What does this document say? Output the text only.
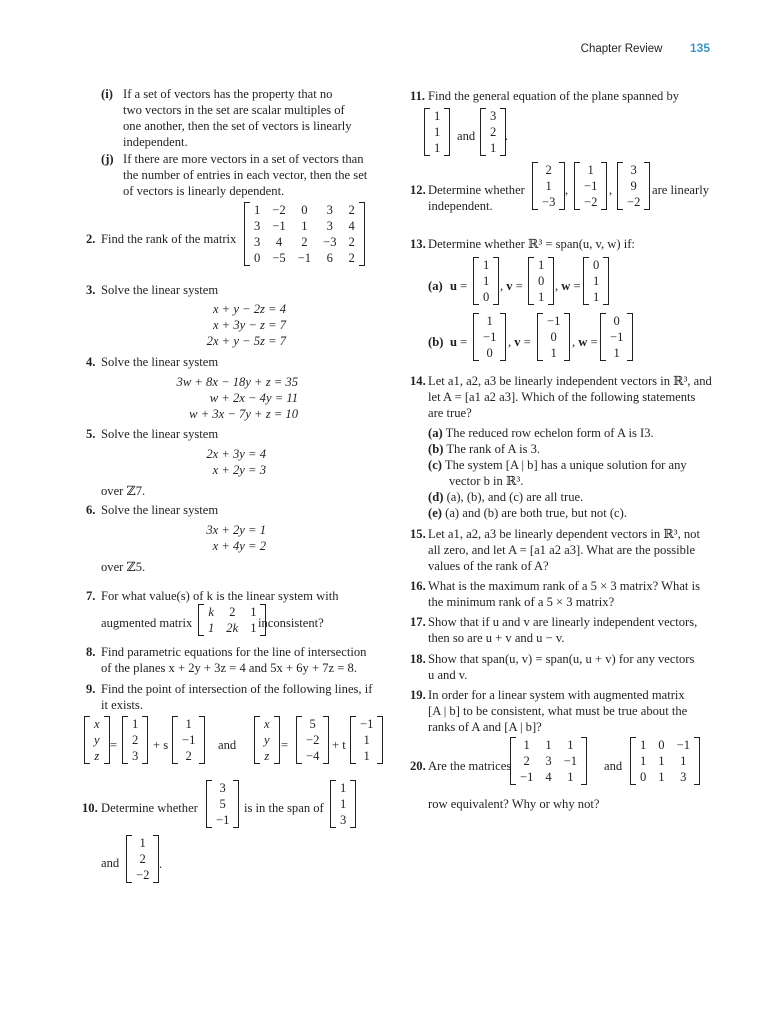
Chapter Review 135
(i) If a set of vectors has the property that no
two vectors in the set are scalar multiples of
one another, then the set of vectors is linearly
independent.
(j) If there are more vectors in a set of vectors than
the number of entries in each vector, then the set
of vectors is linearly dependent.
2. Find the rank of the matrix
1	−2	0	3	2
3	−1	1	3	4
3	4	2	−3	2
0	−5	−1	6	2
3. Solve the linear system
x + y − 2z = 4
x + 3y − z = 7
2x + y − 5z = 7
4. Solve the linear system
3w + 8x − 18y + z = 35
w + 2x − 4y = 11
w + 3x − 7y + z = 10
5. Solve the linear system
2x + 3y = 4
x + 2y = 3
over ℤ7.
6. Solve the linear system
3x + 2y = 1
x + 4y = 2
over ℤ5.
7. For what value(s) of k is the linear system with
augmented matrix
k	2	1
1	2k	1 inconsistent?
8. Find parametric equations for the line of intersection
of the planes x + 2y + 3z = 4 and 5x + 6y + 7z = 8.
9. Find the point of intersection of the following lines, if
it exists.
x
y
z
=
1
2
3
+ s
1
−1
2
and
x
y
z
=
5
−2
−4
+ t
−1
1
1
10. Determine whether
3
5
−1
is in the span of
1
1
3
and
1
2
−2
.
11. Find the general equation of the plane spanned by
1
1
1
and
3
2
1
.
12. Determine whether
independent.
2
1
−3
,
1
−1
−2
,
3
9
−2
are linearly
13. Determine whether ℝ³ = span(u, v, w) if:
(a) u =
1
1
0
, v =
1
0
1
, w =
0
1
1
(b) u =
1
−1
0
, v =
−1
0
1
, w =
0
−1
1
14. Let a1, a2, a3 be linearly independent vectors in ℝ³, and
let A = [a1 a2 a3]. Which of the following statements
are true?
(a) The reduced row echelon form of A is I3.
(b) The rank of A is 3.
(c) The system [A | b] has a unique solution for any
vector b in ℝ³.
(d) (a), (b), and (c) are all true.
(e) (a) and (b) are both true, but not (c).
15. Let a1, a2, a3 be linearly dependent vectors in ℝ³, not
all zero, and let A = [a1 a2 a3]. What are the possible
values of the rank of A?
16. What is the maximum rank of a 5 × 3 matrix? What is
the minimum rank of a 5 × 3 matrix?
17. Show that if u and v are linearly independent vectors,
then so are u + v and u − v.
18. Show that span(u, v) = span(u, u + v) for any vectors
u and v.
19. In order for a linear system with augmented matrix
[A | b] to be consistent, what must be true about the
ranks of A and [A | b]?
20. Are the matrices
1	1	1
2	3	−1
−1	4	1
and
1	0	−1
1	1	1
0	1	3
row equivalent? Why or why not?
